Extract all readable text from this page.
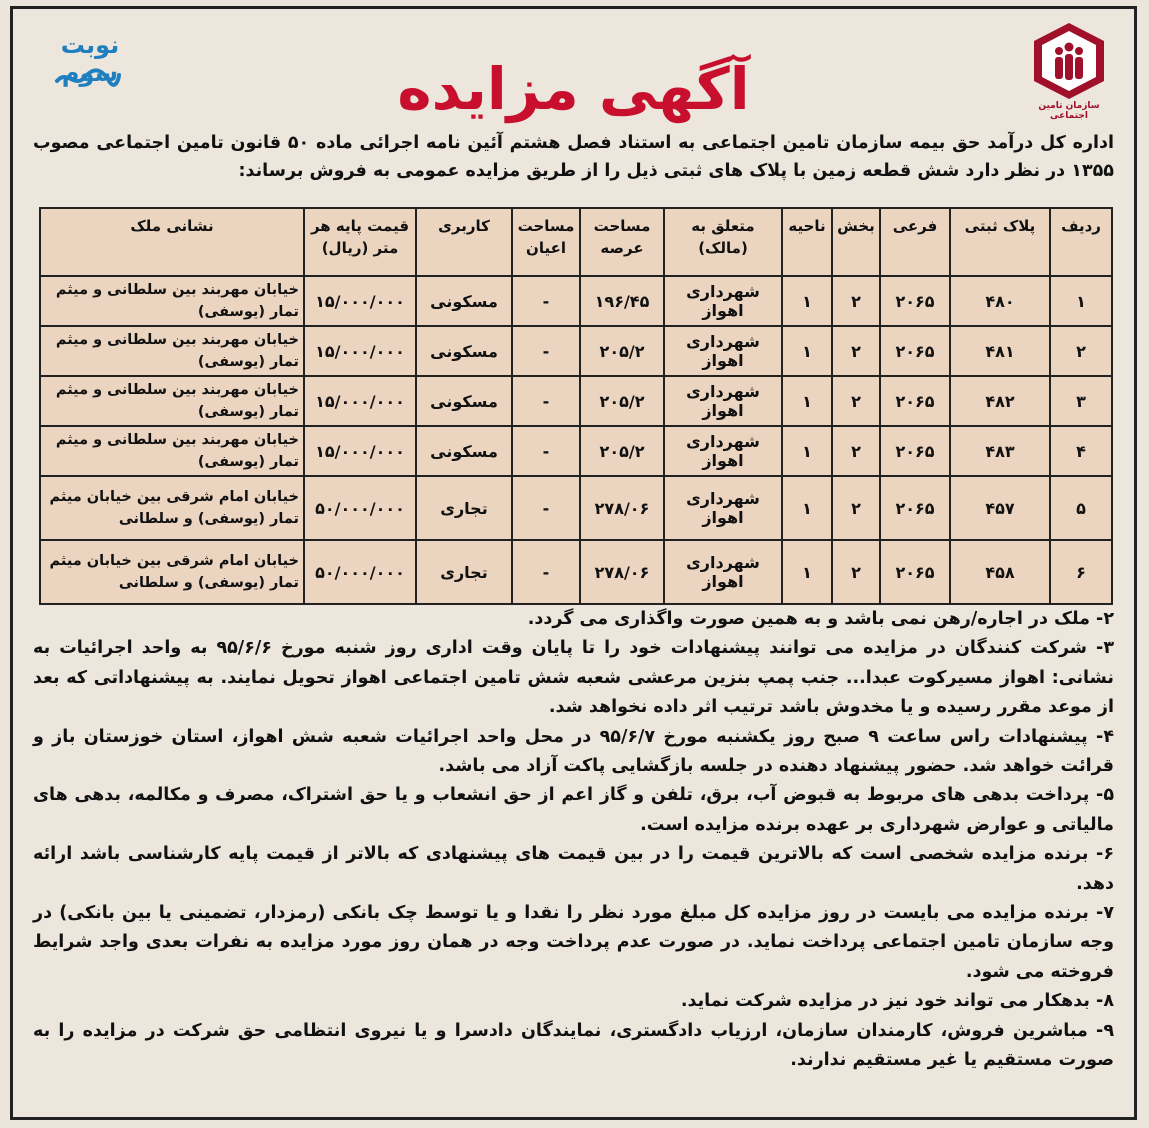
نوبت سوم	آگهی مزایده	سازمان تامین اجتماعی
اداره کل درآمد حق بیمه سازمان تامین اجتماعی به استناد فصل هشتم آئین نامه اجرائی ماده ۵۰ قانون تامین اجتماعی مصوب ۱۳۵۵ در نظر دارد شش قطعه زمین با پلاک های ثبتی ذیل را از طریق مزایده عمومی به فروش برساند:
ردیف	پلاک ثبتی	فرعی	بخش	ناحیه	متعلق به (مالک)	مساحت عرصه	مساحت اعیان	کاربری	قیمت پایه هر متر (ریال)	نشانی ملک
۱	۴۸۰	۲۰۶۵	۲	۱	شهرداری اهواز	۱۹۶/۴۵	-	مسکونی	۱۵/۰۰۰/۰۰۰	خیابان مهربند بین سلطانی و میثم تمار (یوسفی)
۲	۴۸۱	۲۰۶۵	۲	۱	شهرداری اهواز	۲۰۵/۲	-	مسکونی	۱۵/۰۰۰/۰۰۰	خیابان مهربند بین سلطانی و میثم تمار (یوسفی)
۳	۴۸۲	۲۰۶۵	۲	۱	شهرداری اهواز	۲۰۵/۲	-	مسکونی	۱۵/۰۰۰/۰۰۰	خیابان مهربند بین سلطانی و میثم تمار (یوسفی)
۴	۴۸۳	۲۰۶۵	۲	۱	شهرداری اهواز	۲۰۵/۲	-	مسکونی	۱۵/۰۰۰/۰۰۰	خیابان مهربند بین سلطانی و میثم تمار (یوسفی)
۵	۴۵۷	۲۰۶۵	۲	۱	شهرداری اهواز	۲۷۸/۰۶	-	تجاری	۵۰/۰۰۰/۰۰۰	خیابان امام شرقی بین خیابان میثم تمار (یوسفی) و سلطانی
۶	۴۵۸	۲۰۶۵	۲	۱	شهرداری اهواز	۲۷۸/۰۶	-	تجاری	۵۰/۰۰۰/۰۰۰	خیابان امام شرقی بین خیابان میثم تمار (یوسفی) و سلطانی

۲- ملک در اجاره/رهن نمی باشد و به همین صورت واگذاری می گردد.

۳- شرکت کنندگان در مزایده می توانند پیشنهادات خود را تا پایان وقت اداری روز شنبه مورخ ۹۵/۶/۶ به واحد اجرائیات به نشانی: اهواز مسیرکوت عبدا... جنب پمپ بنزین مرعشی شعبه شش تامین اجتماعی اهواز تحویل نمایند. به پیشنهاداتی که بعد از موعد مقرر رسیده و یا مخدوش باشد ترتیب اثر داده نخواهد شد.

۴- پیشنهادات راس ساعت ۹ صبح روز یکشنبه مورخ ۹۵/۶/۷ در محل واحد اجرائیات شعبه شش اهواز، استان خوزستان باز و قرائت خواهد شد. حضور پیشنهاد دهنده در جلسه بازگشایی پاکت آزاد می باشد.

۵- پرداخت بدهی های مربوط به قبوض آب، برق، تلفن و گاز اعم از حق انشعاب و یا حق اشتراک، مصرف و مکالمه، بدهی های مالیاتی و عوارض شهرداری بر عهده برنده مزایده است.

۶- برنده مزایده شخصی است که بالاترین قیمت را در بین قیمت های پیشنهادی که بالاتر از قیمت پایه کارشناسی باشد ارائه دهد.

۷- برنده مزایده می بایست در روز مزایده کل مبلغ مورد نظر را نقدا و یا توسط چک بانکی (رمزدار، تضمینی یا بین بانکی) در وجه سازمان تامین اجتماعی پرداخت نماید. در صورت عدم پرداخت وجه در همان روز مورد مزایده به نفرات بعدی واجد شرایط فروخته می شود.

۸- بدهکار می تواند خود نیز در مزایده شرکت نماید.

۹- مباشرین فروش، کارمندان سازمان، ارزیاب دادگستری، نمایندگان دادسرا و یا نیروی انتظامی حق شرکت در مزایده را به صورت مستقیم یا غیر مستقیم ندارند.
